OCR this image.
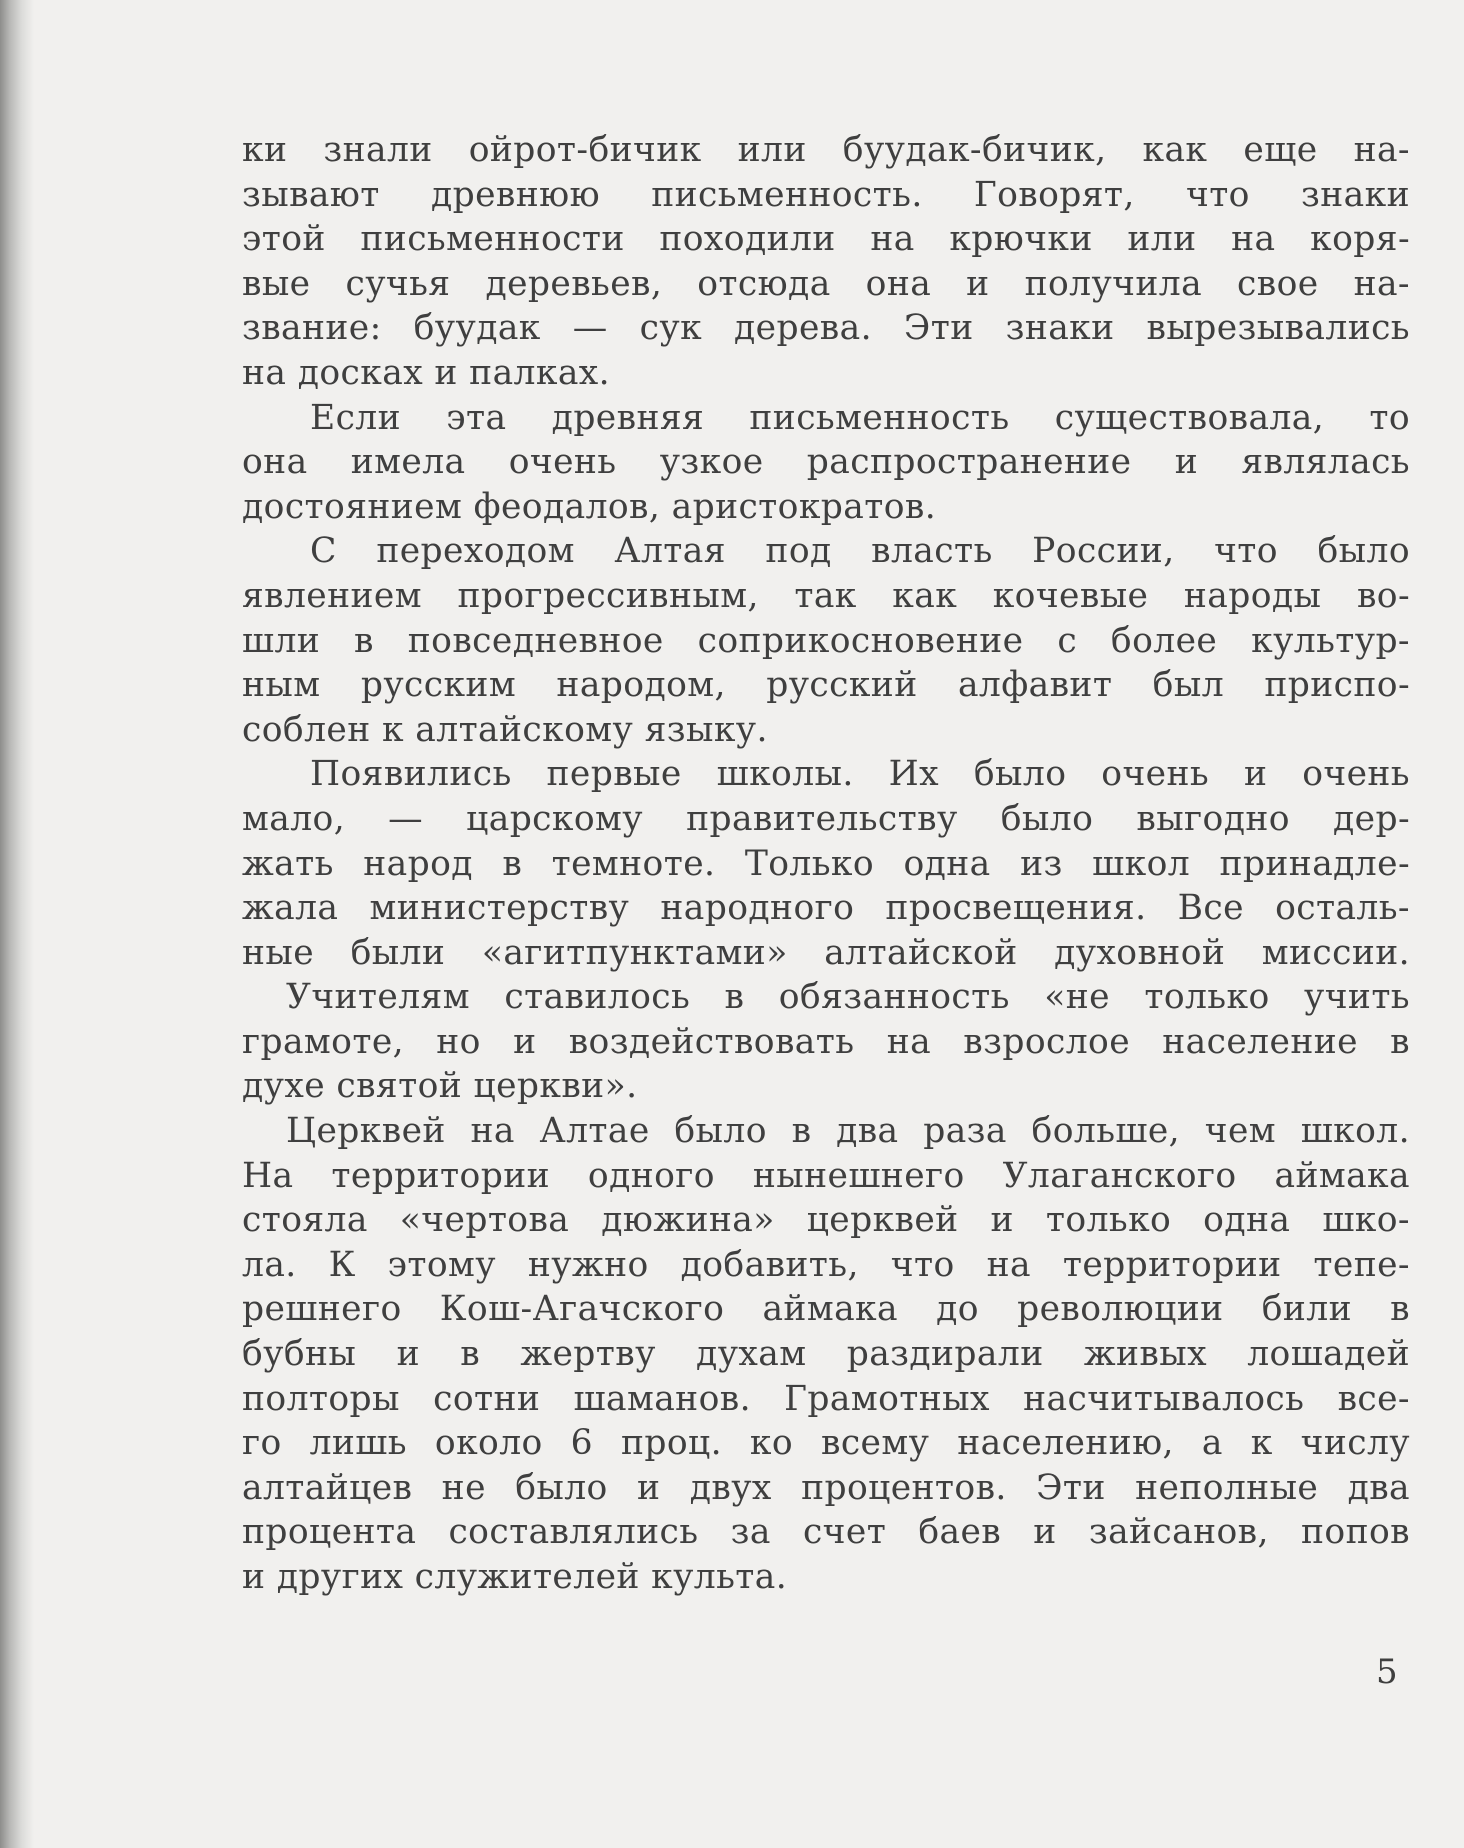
ки знали ойрот-бичик или буудак-бичик, как еще на-
зывают древнюю письменность. Говорят, что знаки
этой письменности походили на крючки или на коря-
вые сучья деревьев, отсюда она и получила свое на-
звание: буудак — сук дерева. Эти знаки вырезывались
на досках и палках.
Если эта древняя письменность существовала, то
она имела очень узкое распространение и являлась
достоянием феодалов, аристократов.
С переходом Алтая под власть России, что было
явлением прогрессивным, так как кочевые народы во-
шли в повседневное соприкосновение с более культур-
ным русским народом, русский алфавит был приспо-
соблен к алтайскому языку.
Появились первые школы. Их было очень и очень
мало, — царскому правительству было выгодно дер-
жать народ в темноте. Только одна из школ принадле-
жала министерству народного просвещения. Все осталь-
ные были «агитпунктами» алтайской духовной миссии.
Учителям ставилось в обязанность «не только учить
грамоте, но и воздействовать на взрослое население в
духе святой церкви».
Церквей на Алтае было в два раза больше, чем школ.
На территории одного нынешнего Улаганского аймака
стояла «чертова дюжина» церквей и только одна шко-
ла. К этому нужно добавить, что на территории тепе-
решнего Кош-Агачского аймака до революции били в
бубны и в жертву духам раздирали живых лошадей
полторы сотни шаманов. Грамотных насчитывалось все-
го лишь около 6 проц. ко всему населению, а к числу
алтайцев не было и двух процентов. Эти неполные два
процента составлялись за счет баев и зайсанов, попов
и других служителей культа.
5
